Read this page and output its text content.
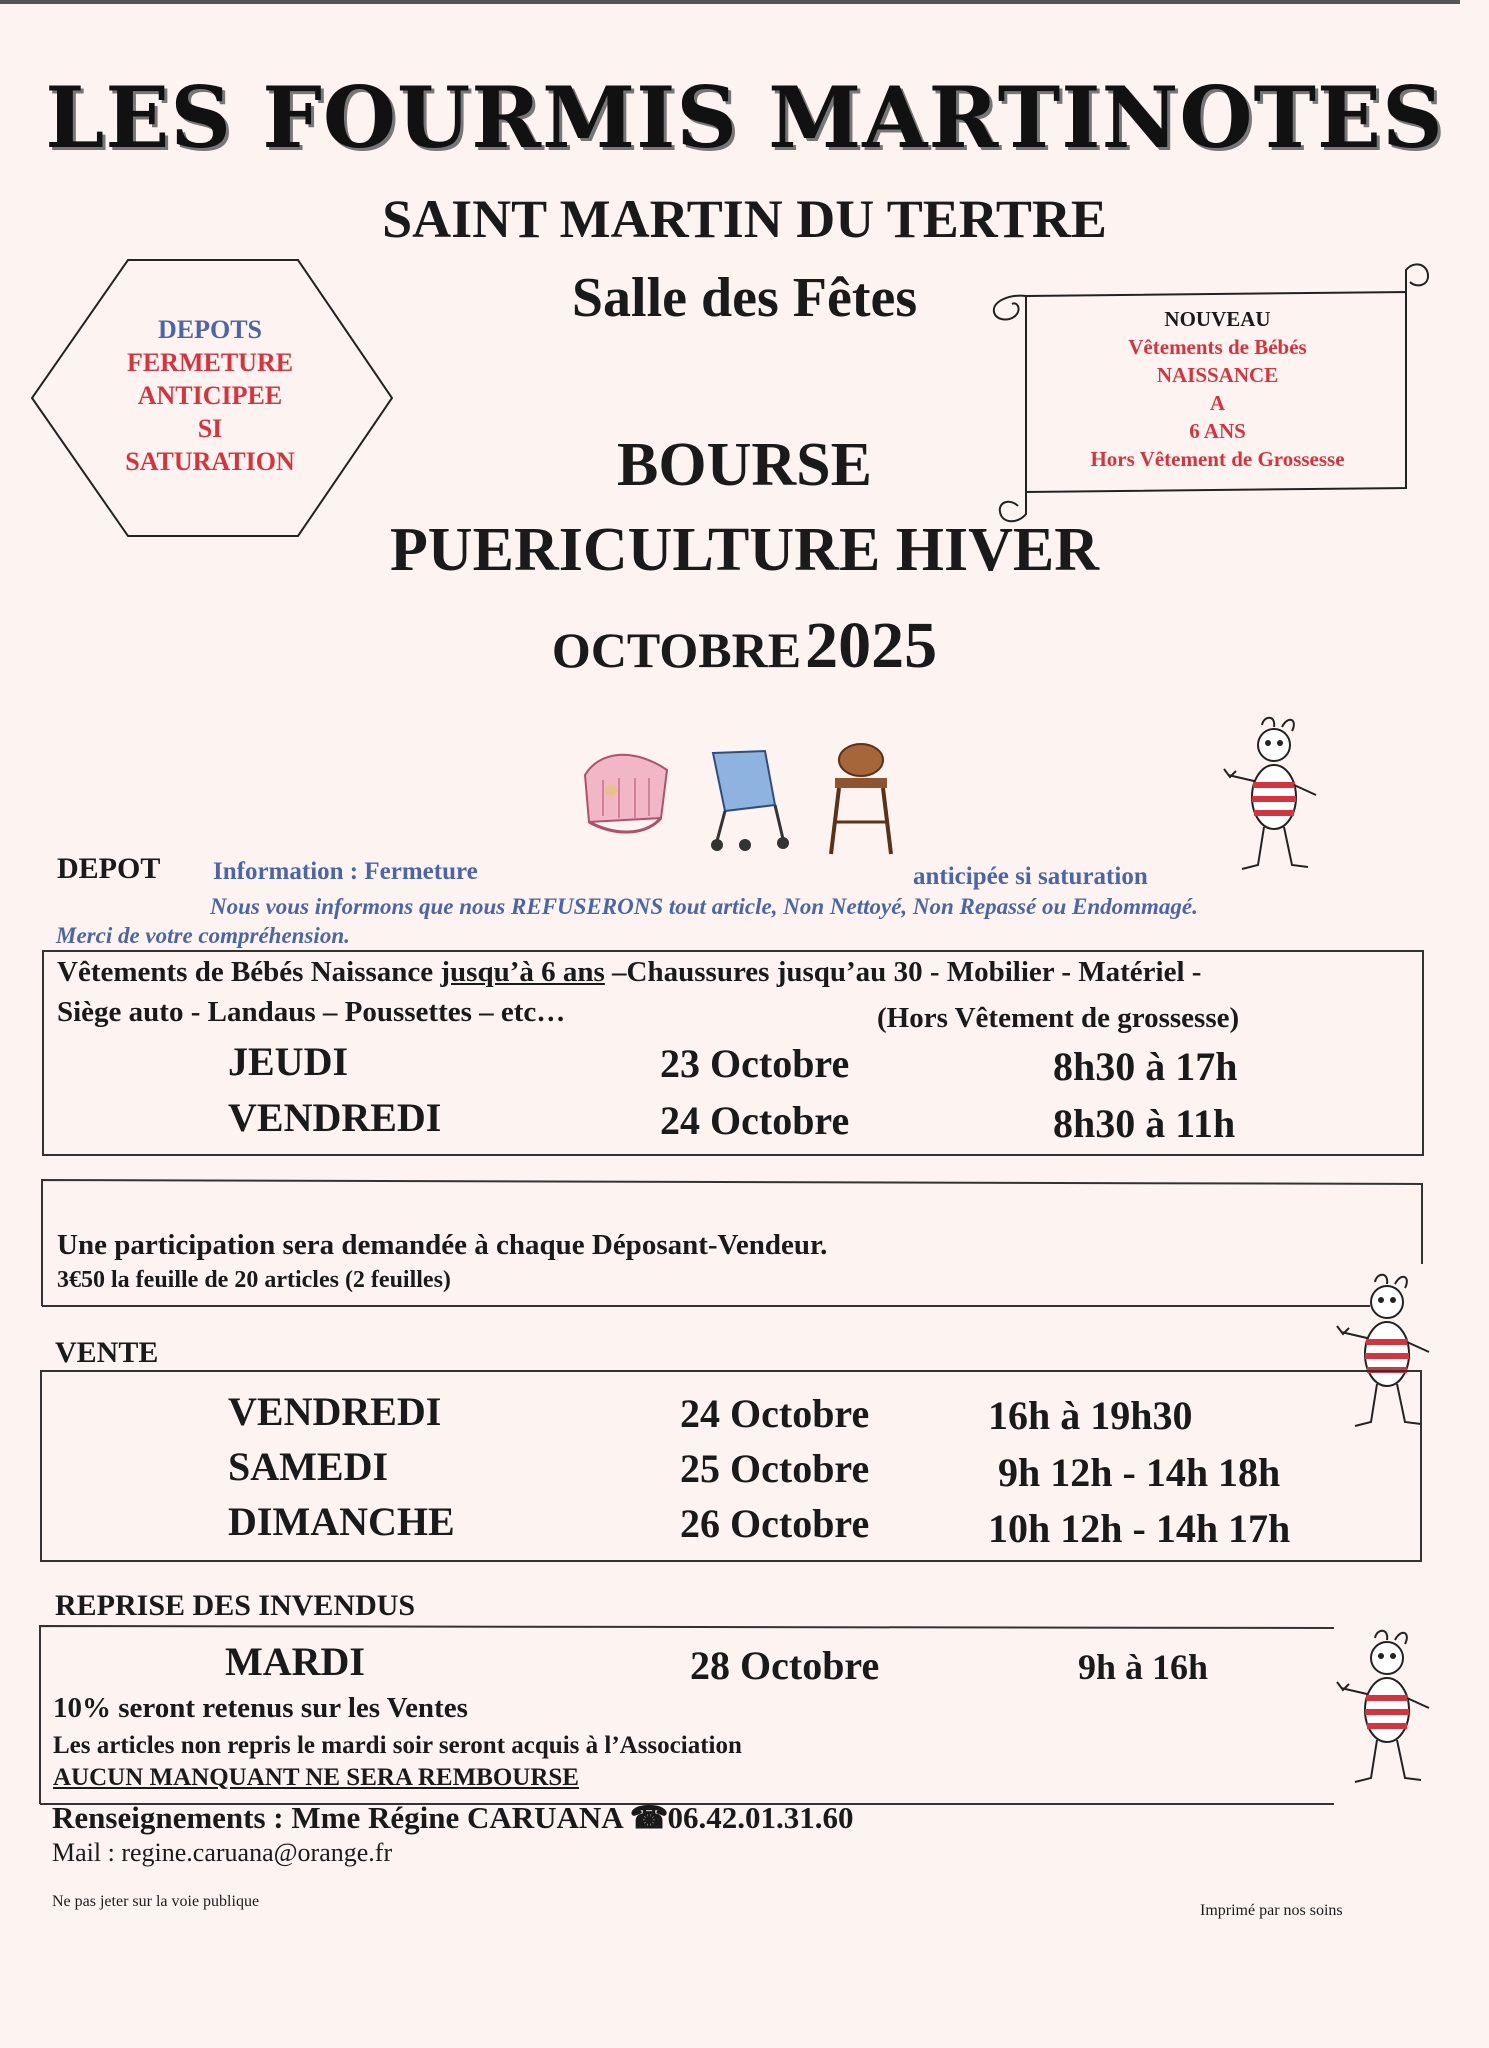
LES FOURMIS MARTINOTES
SAINT MARTIN DU TERTRE
Salle des Fêtes
DEPOTS
FERMETURE
ANTICIPEE
SI
SATURATION
NOUVEAU
Vêtements de Bébés
NAISSANCE
A
6 ANS
Hors Vêtement de Grossesse
BOURSE
PUERICULTURE HIVER
OCTOBRE 2025
DEPOT Information : Fermeture	anticipée si saturation
Nous vous informons que nous REFUSERONS tout article, Non Nettoyé, Non Repassé ou Endommagé.
Merci de votre compréhension.
Vêtements de Bébés Naissance jusqu’à 6 ans –Chaussures jusqu’au 30 - Mobilier - Matériel -
Siège auto - Landaus – Poussettes – etc…	(Hors Vêtement de grossesse)
JEUDI	23 Octobre	8h30 à 17h
VENDREDI	24 Octobre	8h30 à 11h
Une participation sera demandée à chaque Déposant-Vendeur.
3€50 la feuille de 20 articles (2 feuilles)
VENTE
VENDREDI	24 Octobre	16h à 19h30
SAMEDI	25 Octobre	9h 12h - 14h 18h
DIMANCHE	26 Octobre	10h 12h - 14h 17h
REPRISE DES INVENDUS
MARDI	28 Octobre	9h à 16h
10% seront retenus sur les Ventes
Les articles non repris le mardi soir seront acquis à l’Association
AUCUN MANQUANT NE SERA REMBOURSE
Renseignements : Mme Régine CARUANA ☎ 06.42.01.31.60
Mail : regine.caruana@orange.fr
Ne pas jeter sur la voie publique
Imprimé par nos soins
